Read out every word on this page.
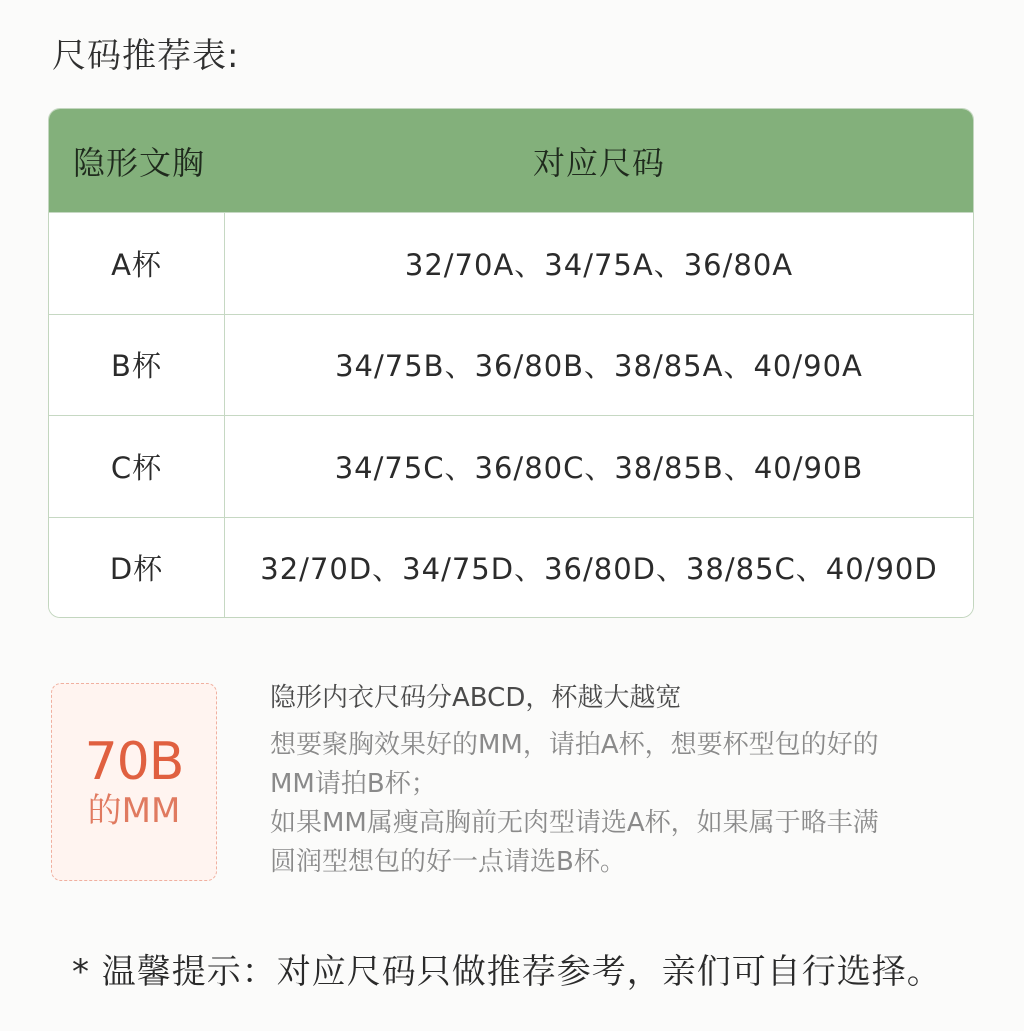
尺码推荐表:
隐形文胸	对应尺码
A杯	32/70A、34/75A、36/80A
B杯	34/75B、36/80B、38/85A、40/90A
C杯	34/75C、36/80C、38/85B、40/90B
D杯	32/70D、34/75D、36/80D、38/85C、40/90D
70B
的MM
隐形内衣尺码分ABCD，杯越大越宽
想要聚胸效果好的MM，请拍A杯，想要杯型包的好的
MM请拍B杯；
如果MM属瘦高胸前无肉型请选A杯，如果属于略丰满
圆润型想包的好一点请选B杯。
* 温馨提示：对应尺码只做推荐参考，亲们可自行选择。
